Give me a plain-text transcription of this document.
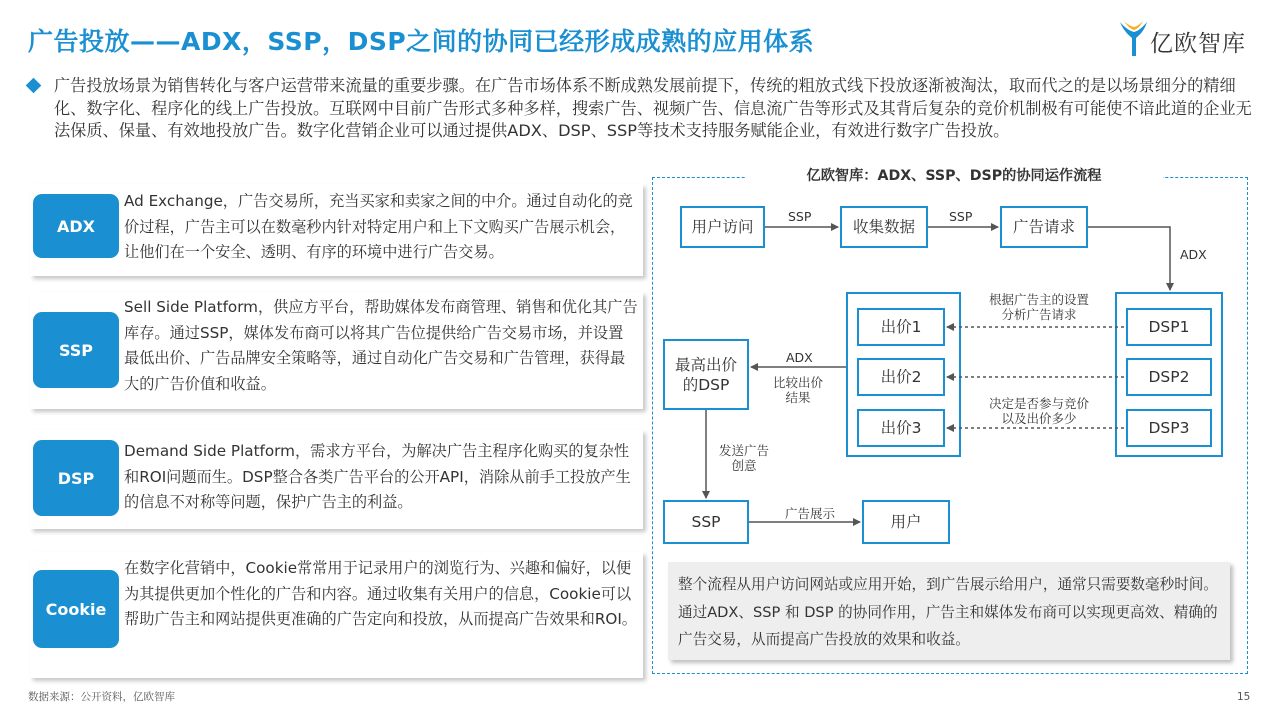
广告投放——ADX，SSP，DSP之间的协同已经形成成熟的应用体系	亿欧智库
广告投放场景为销售转化与客户运营带来流量的重要步骤。在广告市场体系不断成熟发展前提下，传统的粗放式线下投放逐渐被淘汰，取而代之的是以场景细分的精细化、数字化、程序化的线上广告投放。互联网中目前广告形式多种多样，搜索广告、视频广告、信息流广告等形式及其背后复杂的竞价机制极有可能使不谙此道的企业无法保质、保量、有效地投放广告。数字化营销企业可以通过提供ADX、DSP、SSP等技术支持服务赋能企业，有效进行数字广告投放。
ADX
Ad Exchange，广告交易所，充当买家和卖家之间的中介。通过自动化的竞价过程，广告主可以在数毫秒内针对特定用户和上下文购买广告展示机会，让他们在一个安全、透明、有序的环境中进行广告交易。
SSP
Sell Side Platform，供应方平台，帮助媒体发布商管理、销售和优化其广告库存。通过SSP，媒体发布商可以将其广告位提供给广告交易市场，并设置最低出价、广告品牌安全策略等，通过自动化广告交易和广告管理，获得最大的广告价值和收益。
DSP
Demand Side Platform，需求方平台，为解决广告主程序化购买的复杂性和ROI问题而生。DSP整合各类广告平台的公开API，消除从前手工投放产生的信息不对称等问题，保护广告主的利益。
Cookie
在数字化营销中，Cookie常常用于记录用户的浏览行为、兴趣和偏好，以便为其提供更加个性化的广告和内容。通过收集有关用户的信息，Cookie可以帮助广告主和网站提供更准确的广告定向和投放，从而提高广告效果和ROI。
亿欧智库：ADX、SSP、DSP的协同运作流程
用户访问	收集数据	广告请求
出价1
出价2
出价3
DSP1
DSP2
DSP3
最高出价的DSP
SSP	用户
SSP	SSP
ADX
根据广告主的设置分析广告请求
决定是否参与竞价以及出价多少
ADX
比较出价结果
发送广告创意
广告展示
整个流程从用户访问网站或应用开始，到广告展示给用户，通常只需要数毫秒时间。通过ADX、SSP 和 DSP 的协同作用，广告主和媒体发布商可以实现更高效、精确的广告交易，从而提高广告投放的效果和收益。
数据来源：公开资料，亿欧智库	15
